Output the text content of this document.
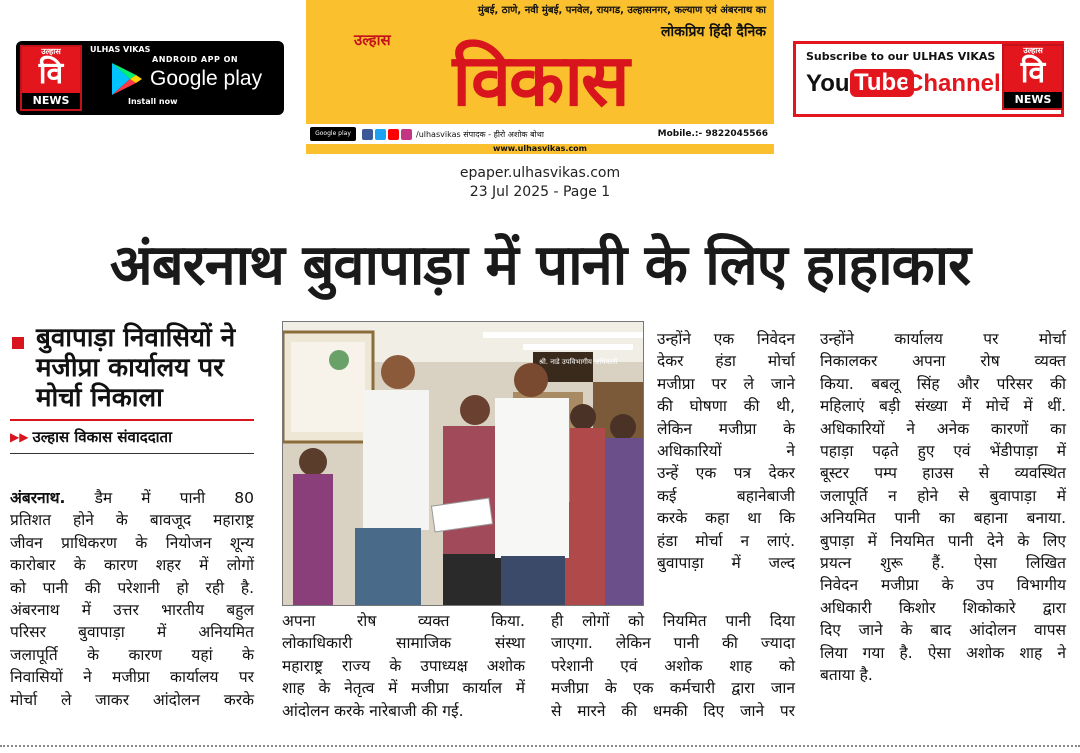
उल्हास
वि
NEWS
ULHAS VIKAS
ANDROID APP ON
Google play
Install now
मुंबई, ठाणे, नवी मुंबई, पनवेल, रायगड, उल्हासनगर, कल्याण एवं अंबरनाथ का
लोकप्रिय हिंदी दैनिक
उल्हास विकास
Google play	/ulhasvikas संपादक - हीरो अशोक बोथा	Mobile.:- 9822045566
www.ulhasvikas.com
Subscribe to our ULHAS VIKAS
You Tube
Channel
उल्हास
वि
NEWS
epaper.ulhasvikas.com
23 Jul 2025 - Page 1
अंबरनाथ बुवापाड़ा में पानी के लिए हाहाकार
बुवापाड़ा निवासियों ने मजीप्रा कार्यालय पर मोर्चा निकाला
▶▶ उल्हास विकास संवाददाता

अंबरनाथ. डैम में पानी 80

प्रतिशत होने के बावजूद महाराष्ट्र

जीवन प्राधिकरण के नियोजन शून्य

कारोबार के कारण शहर में लोगों

को पानी की परेशानी हो रही है.

अंबरनाथ में उत्तर भारतीय बहुल

परिसर बुवापाड़ा में अनियमित

जलापूर्ति के कारण यहां के

निवासियों ने मजीप्रा कार्यालय पर

मोर्चा ले जाकर आंदोलन करके

श्री. नाडे उपविभागीय अधिकारी

अपना रोष व्यक्त किया.

लोकाधिकारी सामाजिक संस्था

महाराष्ट्र राज्य के उपाध्यक्ष अशोक

शाह के नेतृत्व में मजीप्रा कार्याल में

आंदोलन करके नारेबाजी की गई.

उन्होंने एक निवेदन

देकर हंडा मोर्चा

मजीप्रा पर ले जाने

की घोषणा की थी,

लेकिन मजीप्रा के

अधिकारियों ने

उन्हें एक पत्र देकर

कई बहानेबाजी

करके कहा था कि

हंडा मोर्चा न लाएं.

बुवापाड़ा में जल्द

ही लोगों को नियमित पानी दिया

जाएगा. लेकिन पानी की ज्यादा

परेशानी एवं अशोक शाह को

मजीप्रा के एक कर्मचारी द्वारा जान

से मारने की धमकी दिए जाने पर

उन्होंने कार्यालय पर मोर्चा

निकालकर अपना रोष व्यक्त

किया. बबलू सिंह और परिसर की

महिलाएं बड़ी संख्या में मोर्चे में थीं.

अधिकारियों ने अनेक कारणों का

पहाड़ा पढ़ते हुए एवं भेंडीपाड़ा में

बूस्टर पम्प हाउस से व्यवस्थित

जलापूर्ति न होने से बुवापाड़ा में

अनियमित पानी का बहाना बनाया.

बुपाड़ा में नियमित पानी देने के लिए

प्रयत्न शुरू हैं. ऐसा लिखित

निवेदन मजीप्रा के उप विभागीय

अधिकारी किशोर शिकोकारे द्वारा

दिए जाने के बाद आंदोलन वापस

लिया गया है. ऐसा अशोक शाह ने

बताया है.
